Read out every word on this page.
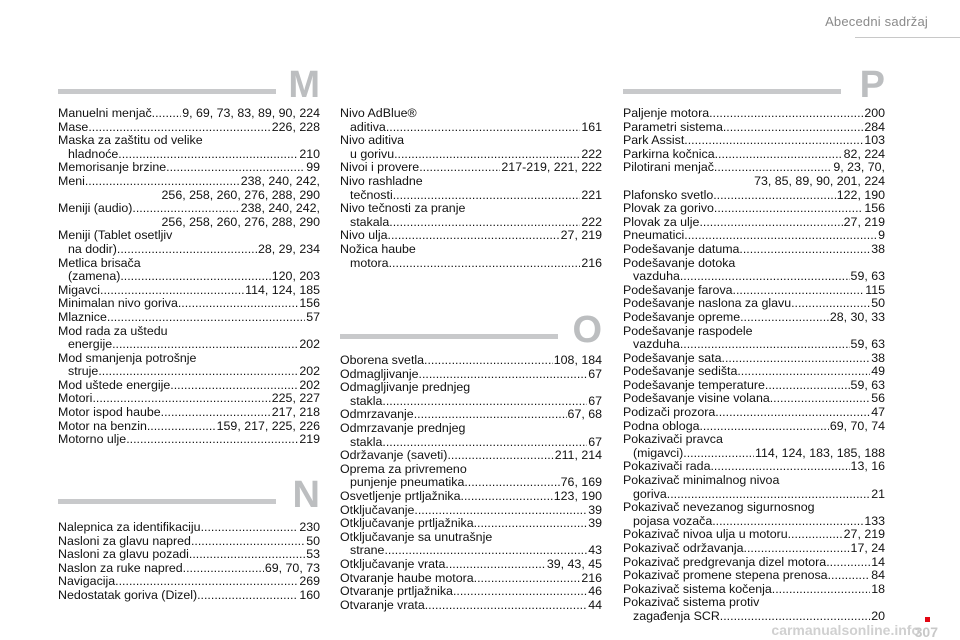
Abecedni sadržaj
M
Manuelni menjač ..... 9, 69, 73, 83, 89, 90, 224
Mase .....	226, 228
Maska za zaštitu od velike
hladnoće .....	210
Memorisanje brzine .....	99
Meni .....	238, 240, 242,
256, 258, 260, 276, 288, 290
Meniji (audio) .....	238, 240, 242,
256, 258, 260, 276, 288, 290
Meniji (Tablet osetljiv
na dodir) .....	28, 29, 234
Metlica brisača
(zamena) .....	120, 203
Migavci .....	114, 124, 185
Minimalan nivo goriva .....	156
Mlaznice .....	57
Mod rada za uštedu
energije .....	202
Mod smanjenja potrošnje
struje .....	202
Mod uštede energije .....	202
Motori .....	225, 227
Motor ispod haube .....	217, 218
Motor na benzin .....	159, 217, 225, 226
Motorno ulje .....	219
N
Nalepnica za identifikaciju .....	230
Nasloni za glavu napred .....	50
Nasloni za glavu pozadi .....	53
Naslon za ruke napred .....	69, 70, 73
Navigacija .....	269
Nedostatak goriva (Dizel) .....	160
Nivo AdBlue®
aditiva .....	161
Nivo aditiva
u gorivu .....	222
Nivoi i provere .....	217-219, 221, 222
Nivo rashladne
tečnosti .....	221
Nivo tečnosti za pranje
stakala .....	222
Nivo ulja .....	27, 219
Nožica haube
motora .....	216
O
Oborena svetla .....	108, 184
Odmagljivanje .....	67
Odmagljivanje prednjeg
stakla .....	67
Odmrzavanje .....	67, 68
Odmrzavanje prednjeg
stakla .....	67
Održavanje (saveti) .....	211, 214
Oprema za privremeno
punjenje pneumatika .....	76, 169
Osvetljenje prtljažnika .....	123, 190
Otključavanje .....	39
Otključavanje prtljažnika .....	39
Otključavanje sa unutrašnje
strane .....	43
Otključavanje vrata .....	39, 43, 45
Otvaranje haube motora .....	216
Otvaranje prtljažnika .....	46
Otvaranje vrata .....	44
P
Paljenje motora .....	200
Parametri sistema .....	284
Park Assist .....	103
Parkirna kočnica .....	82, 224
Pilotirani menjač .....	9, 23, 70,
73, 85, 89, 90, 201, 224
Plafonsko svetlo .....	122, 190
Plovak za gorivo .....	156
Plovak za ulje .....	27, 219
Pneumatici .....	9
Podešavanje datuma .....	38
Podešavanje dotoka
vazduha .....	59, 63
Podešavanje farova .....	115
Podešavanje naslona za glavu .....	50
Podešavanje opreme .....	28, 30, 33
Podešavanje raspodele
vazduha .....	59, 63
Podešavanje sata .....	38
Podešavanje sedišta .....	49
Podešavanje temperature .....	59, 63
Podešavanje visine volana .....	56
Podizači prozora .....	47
Podna obloga .....	69, 70, 74
Pokazivači pravca
(migavci) .....	114, 124, 183, 185, 188
Pokazivači rada .....	13, 16
Pokazivač minimalnog nivoa
goriva .....	21
Pokazivač nevezanog sigurnosnog
pojasa vozača .....	133
Pokazivač nivoa ulja u motoru .....	27, 219
Pokazivač održavanja .....	17, 24
Pokazivač predgrevanja dizel motora .....	14
Pokazivač promene stepena prenosa .....	84
Pokazivač sistema kočenja .....	18
Pokazivač sistema protiv
zagađenja SCR .....	20
carmanualsonline.info
307
